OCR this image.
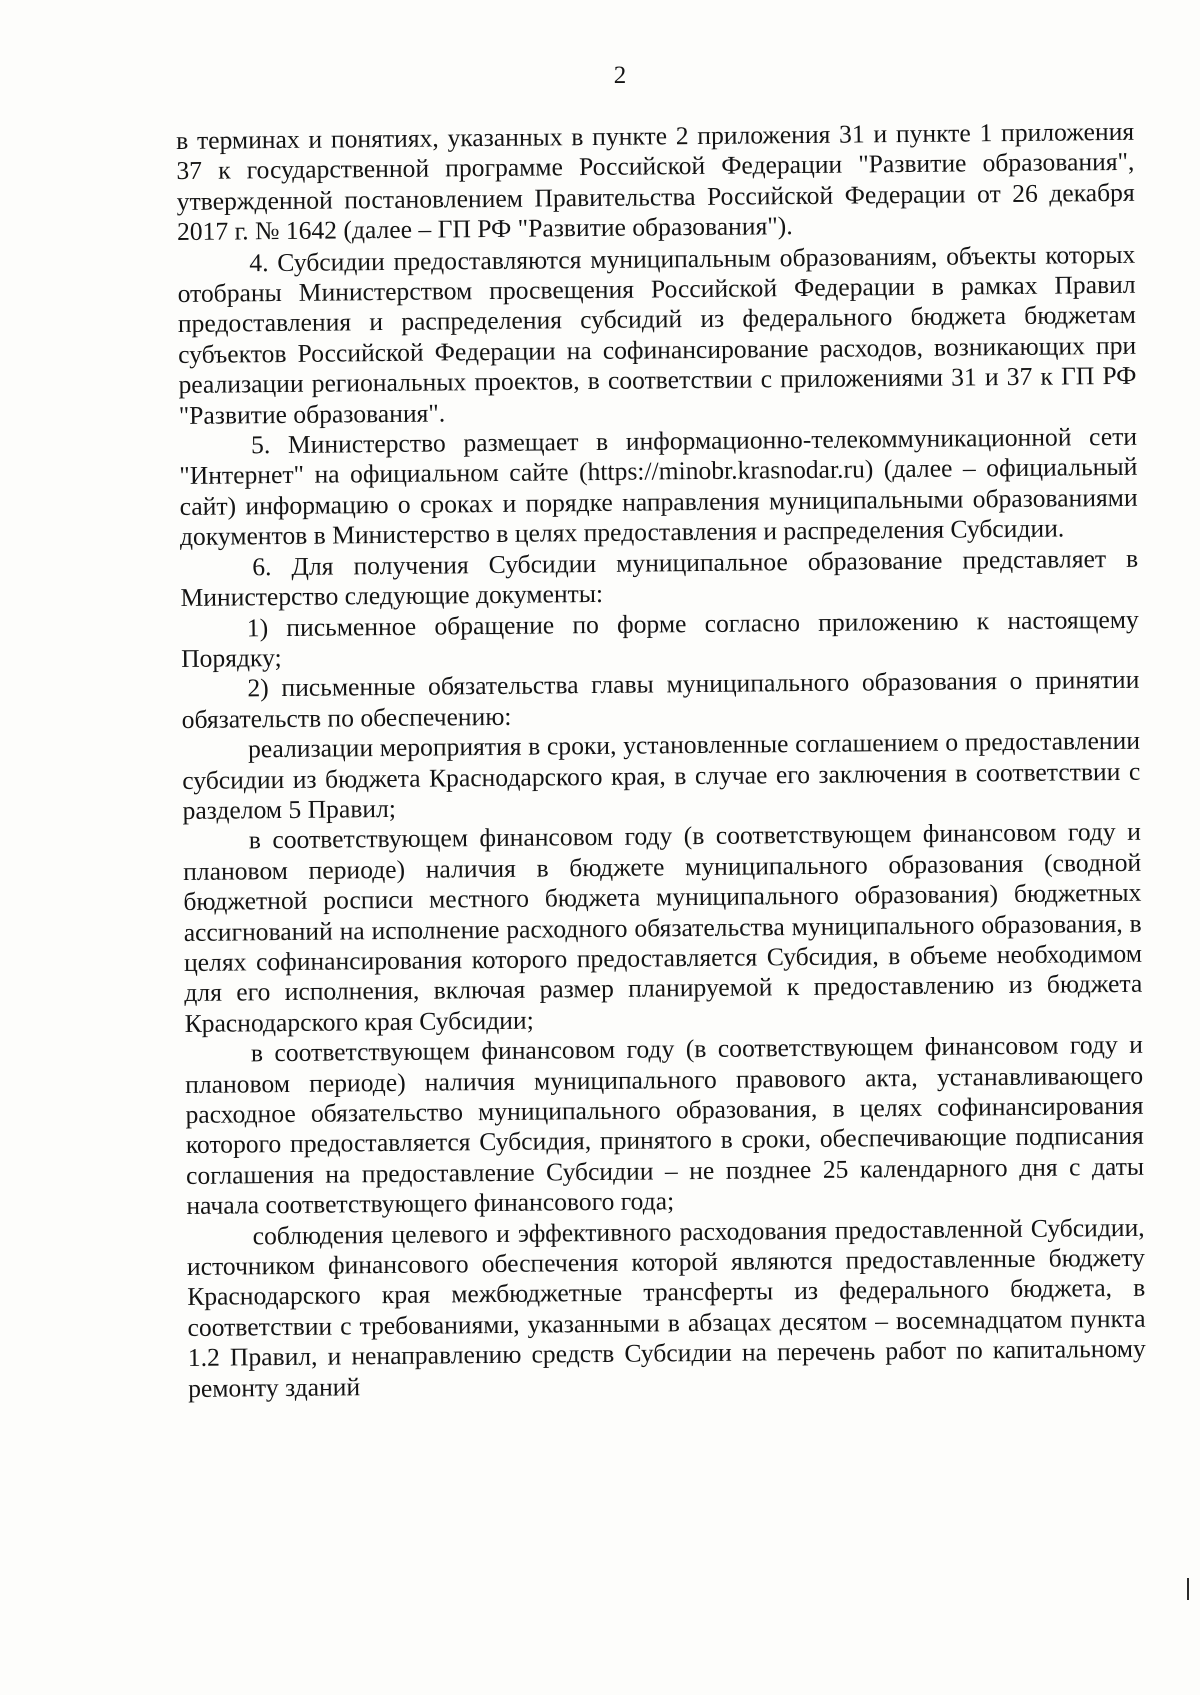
2

в терминах и понятиях, указанных в пункте 2 приложения 31 и пункте 1 приложения 37 к государственной программе Российской Федерации "Развитие образования", утвержденной постановлением Правительства Российской Федерации от 26 декабря 2017 г. № 1642 (далее – ГП РФ "Развитие образования").

4. Субсидии предоставляются муниципальным образованиям, объекты которых отобраны Министерством просвещения Российской Федерации в рамках Правил предоставления и распределения субсидий из федерального бюджета бюджетам субъектов Российской Федерации на софинансирование расходов, возникающих при реализации региональных проектов, в соответствии с приложениями 31 и 37 к ГП РФ "Развитие образования".

5. Министерство размещает в информационно-телекоммуникационной сети "Интернет" на официальном сайте (https://minobr.krasnodar.ru) (далее – официальный сайт) информацию о сроках и порядке направления муниципальными образованиями документов в Министерство в целях предоставления и распределения Субсидии.

6. Для получения Субсидии муниципальное образование представляет в Министерство следующие документы:

1) письменное обращение по форме согласно приложению к настоящему Порядку;

2) письменные обязательства главы муниципального образования о принятии обязательств по обеспечению:

реализации мероприятия в сроки, установленные соглашением о предоставлении субсидии из бюджета Краснодарского края, в случае его заключения в соответствии с разделом 5 Правил;

в соответствующем финансовом году (в соответствующем финансовом году и плановом периоде) наличия в бюджете муниципального образования (сводной бюджетной росписи местного бюджета муниципального образования) бюджетных ассигнований на исполнение расходного обязательства муниципального образования, в целях софинансирования которого предоставляется Субсидия, в объеме необходимом для его исполнения, включая размер планируемой к предоставлению из бюджета Краснодарского края Субсидии;

в соответствующем финансовом году (в соответствующем финансовом году и плановом периоде) наличия муниципального правового акта, устанавливающего расходное обязательство муниципального образования, в целях софинансирования которого предоставляется Субсидия, принятого в сроки, обеспечивающие подписания соглашения на предоставление Субсидии – не позднее 25 календарного дня с даты начала соответствующего финансового года;

соблюдения целевого и эффективного расходования предоставленной Субсидии, источником финансового обеспечения которой являются предоставленные бюджету Краснодарского края межбюджетные трансферты из федерального бюджета, в соответствии с требованиями, указанными в абзацах десятом – восемнадцатом пункта 1.2 Правил, и ненаправлению средств Субсидии на перечень работ по капитальному ремонту зданий
